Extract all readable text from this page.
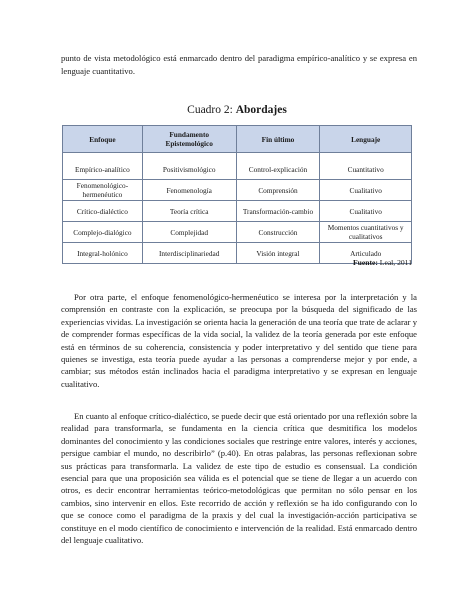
punto de vista metodológico está enmarcado dentro del paradigma empírico-analítico y se expresa en lenguaje cuantitativo.

Cuadro 2: Abordajes
Enfoque	Fundamento Epistemológico	Fin último	Lenguaje

Empírico-analítico	Positivismológico	Control-explicación	Cuantitativo
Fenomenológico-hermenéutico	Fenomenología	Comprensión	Cualitativo
Crítico-dialéctico	Teoría crítica	Transformación-cambio	Cualitativo
Complejo-dialógico	Complejidad	Construcción	Momentos cuantitativos y cualitativos
Integral-holónico	Interdisciplinariedad	Visión integral	Articulado
Fuente: Leal, 2011

Por otra parte, el enfoque fenomenológico-hermenéutico se interesa por la interpretación y la comprensión en contraste con la explicación, se preocupa por la búsqueda del significado de las experiencias vividas. La investigación se orienta hacia la generación de una teoría que trate de aclarar y de comprender formas específicas de la vida social, la validez de la teoría generada por este enfoque está en términos de su coherencia, consistencia y poder interpretativo y del sentido que tiene para quienes se investiga, esta teoría puede ayudar a las personas a comprenderse mejor y por ende, a cambiar; sus métodos están inclinados hacia el paradigma interpretativo y se expresan en lenguaje cualitativo.

En cuanto al enfoque crítico-dialéctico, se puede decir que está orientado por una reflexión sobre la realidad para transformarla, se fundamenta en la ciencia crítica que desmitifica los modelos dominantes del conocimiento y las condiciones sociales que restringe entre valores, interés y acciones, persigue cambiar el mundo, no describirlo” (p.40). En otras palabras, las personas reflexionan sobre sus prácticas para transformarla. La validez de este tipo de estudio es consensual. La condición esencial para que una proposición sea válida es el potencial que se tiene de llegar a un acuerdo con otros, es decir encontrar herramientas teórico-metodológicas que permitan no sólo pensar en los cambios, sino intervenir en ellos. Este recorrido de acción y reflexión se ha ido configurando con lo que se conoce como el paradigma de la praxis y del cual la investigación-acción participativa se constituye en el modo científico de conocimiento e intervención de la realidad. Está enmarcado dentro del lenguaje cualitativo.
